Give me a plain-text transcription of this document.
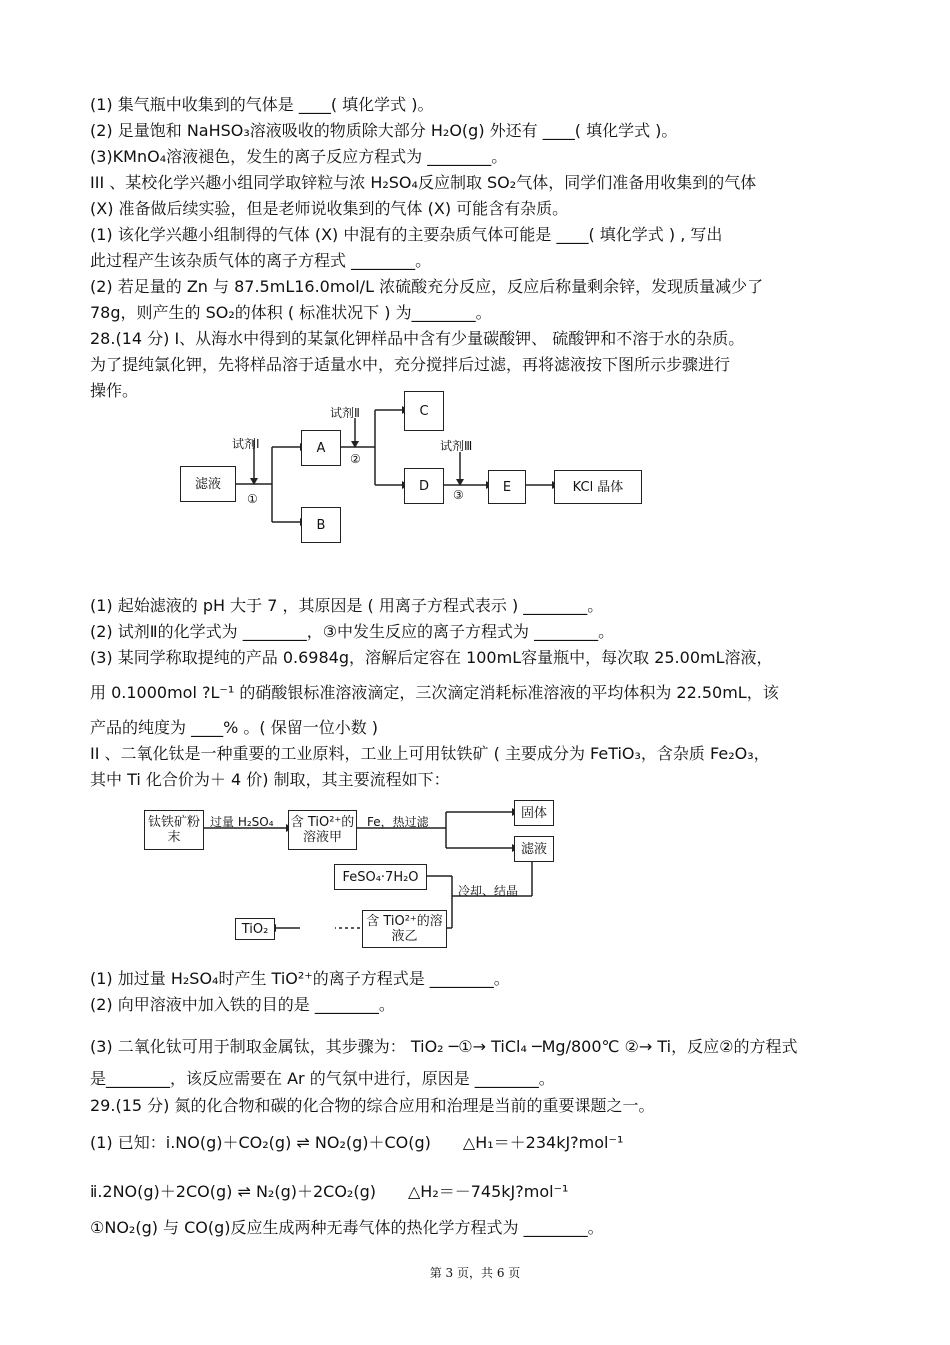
(1) 集气瓶中收集到的气体是 ____( 填化学式 )。
(2) 足量饱和 NaHSO₃溶液吸收的物质除大部分 H₂O(g) 外还有 ____( 填化学式 )。
(3)KMnO₄溶液褪色，发生的离子反应方程式为 ________。
III 、某校化学兴趣小组同学取锌粒与浓 H₂SO₄反应制取 SO₂气体，同学们准备用收集到的气体
(X) 准备做后续实验，但是老师说收集到的气体 (X) 可能含有杂质。
(1) 该化学兴趣小组制得的气体 (X) 中混有的主要杂质气体可能是 ____( 填化学式 ) , 写出
此过程产生该杂质气体的离子方程式 ________。
(2) 若足量的 Zn 与 87.5mL16.0mol/L 浓硫酸充分反应，反应后称量剩余锌，发现质量减少了
78g，则产生的 SO₂的体积 ( 标准状况下 ) 为________。
28.(14 分) Ⅰ、从海水中得到的某氯化钾样品中含有少量碳酸钾、 硫酸钾和不溶于水的杂质。
为了提纯氯化钾，先将样品溶于适量水中，充分搅拌后过滤，再将滤液按下图所示步骤进行
操作。
滤液
A
B
C
D	E	KCl 晶体
试剂Ⅰ
试剂Ⅱ
试剂Ⅲ
①
②
③
(1) 起始滤液的 pH 大于 7 ，其原因是 ( 用离子方程式表示 ) ________。
(2) 试剂Ⅱ的化学式为 ________，③中发生反应的离子方程式为 ________。
(3) 某同学称取提纯的产品 0.6984g，溶解后定容在 100mL容量瓶中，每次取 25.00mL溶液，
用 0.1000mol ?L⁻¹ 的硝酸银标准溶液滴定，三次滴定消耗标准溶液的平均体积为 22.50mL，该
产品的纯度为 ____% 。( 保留一位小数 )
II 、二氧化钛是一种重要的工业原料，工业上可用钛铁矿 ( 主要成分为 FeTiO₃，含杂质 Fe₂O₃，
其中 Ti 化合价为＋ 4 价) 制取，其主要流程如下：
钛铁矿粉末
含 TiO²⁺的溶液甲
固体
滤液
FeSO₄·7H₂O
含 TiO²⁺的溶液乙
TiO₂
过量 H₂SO₄	Fe，热过滤
冷却、结晶
(1) 加过量 H₂SO₄时产生 TiO²⁺的离子方程式是 ________。
(2) 向甲溶液中加入铁的目的是 ________。
(3) 二氧化钛可用于制取金属钛，其步骤为： TiO₂ ─①→ TiCl₄ ─Mg/800℃ ②→ Ti，反应②的方程式
是________，该反应需要在 Ar 的气氛中进行，原因是 ________。
29.(15 分) 氮的化合物和碳的化合物的综合应用和治理是当前的重要课题之一。
(1) 已知：ⅰ.NO(g)＋CO₂(g) ⇌ NO₂(g)＋CO(g)　　△H₁＝＋234kJ?mol⁻¹
ⅱ.2NO(g)＋2CO(g) ⇌ N₂(g)＋2CO₂(g)　　△H₂＝－745kJ?mol⁻¹
①NO₂(g) 与 CO(g)反应生成两种无毒气体的热化学方程式为 ________。
第 3 页，共 6 页
